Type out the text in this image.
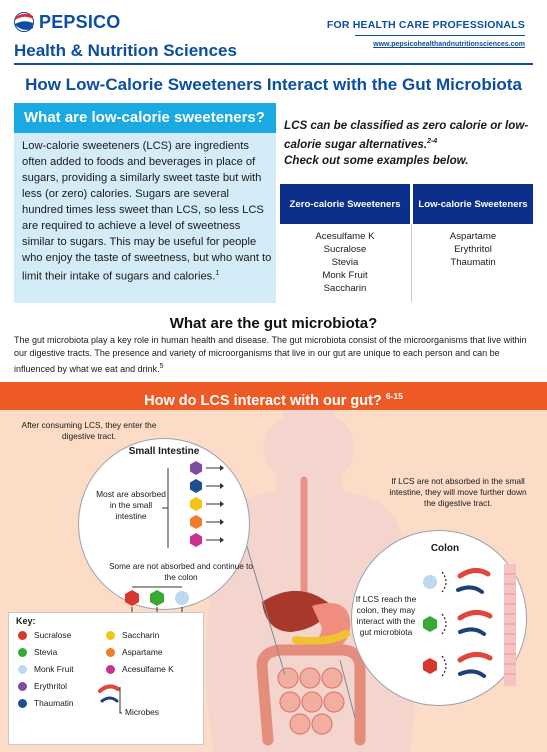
PEPSICO
Health & Nutrition Sciences
FOR HEALTH CARE PROFESSIONALS
www.pepsicohealthandnutritionsciences.com
How Low-Calorie Sweeteners Interact with the Gut Microbiota
What are low-calorie sweeteners?
Low-calorie sweeteners (LCS) are ingredients often added to foods and beverages in place of sugars, providing a similarly sweet taste but with less (or zero) calories. Sugars are several hundred times less sweet than LCS, so less LCS are required to achieve a level of sweetness similar to sugars. This may be useful for people who enjoy the taste of sweetness, but who want to limit their intake of sugars and calories.$^1$
LCS can be classified as zero calorie or low-calorie sugar alternatives.$^{2-4}$
Check out some examples below.
Zero-calorie Sweeteners	Low-calorie Sweeteners
Acesulfame K
Sucralose
Stevia
Monk Fruit
Saccharin
Aspartame
Erythritol
Thaumatin
What are the gut microbiota?
The gut microbiota play a key role in human health and disease. The gut microbiota consist of the microorganisms that live within our digestive tracts. The presence and variety of microorganisms that live in our gut are unique to each person and can be influenced by what we eat and drink.$^5$
How do LCS interact with our gut? $^{6-15}$
After consuming LCS, they enter the digestive tract.
Small Intestine
Most are absorbed in the small intestine
Some are not absorbed and continue to the colon
If LCS are not absorbed in the small intestine, they will move further down the digestive tract.
Colon
If LCS reach the colon, they may interact with the gut microbiota
Key:
Sucralose
Stevia
Monk Fruit
Erythritol
Thaumatin
Saccharin
Aspartame
Acesulfame K
Microbes
